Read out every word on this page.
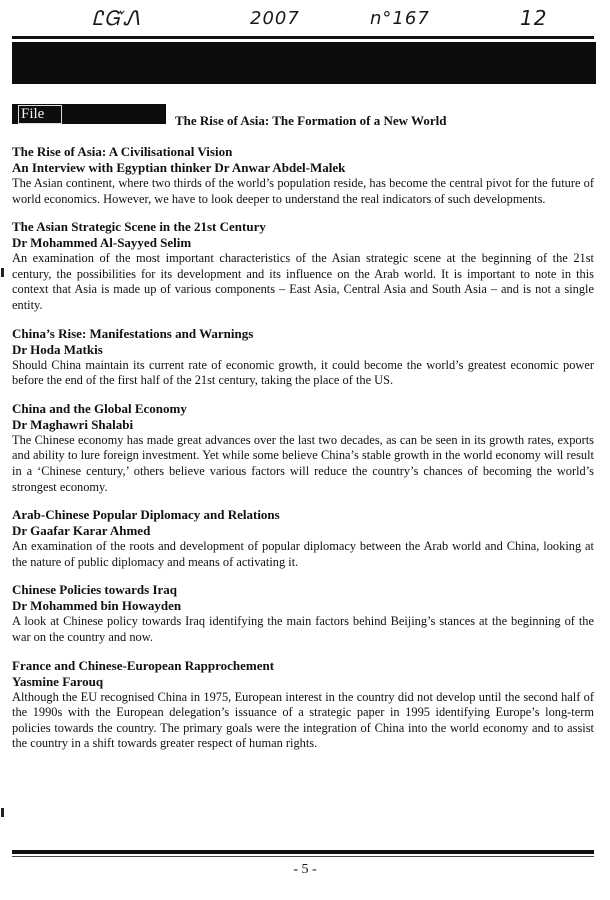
ᏝᏳᏁ	2007	n°167	12
File	The Rise of Asia: The Formation of a New World
The Rise of Asia: A Civilisational Vision
An Interview with Egyptian thinker Dr Anwar Abdel-Malek
The Asian continent, where two thirds of the world’s population reside, has become the central pivot for the future of world economics. However, we have to look deeper to understand the real indicators of such developments.
The Asian Strategic Scene in the 21st Century
Dr Mohammed Al-Sayyed Selim
An examination of the most important characteristics of the Asian strategic scene at the beginning of the 21st century, the possibilities for its development and its influence on the Arab world. It is important to note in this context that Asia is made up of various components – East Asia, Central Asia and South Asia – and is not a single entity.
China’s Rise: Manifestations and Warnings
Dr Hoda Matkis
Should China maintain its current rate of economic growth, it could become the world’s greatest economic power before the end of the first half of the 21st century, taking the place of the US.
China and the Global Economy
Dr Maghawri Shalabi
The Chinese economy has made great advances over the last two decades, as can be seen in its growth rates, exports and ability to lure foreign investment. Yet while some believe China’s stable growth in the world economy will result in a ‘Chinese century,’ others believe various factors will reduce the country’s chances of becoming the world’s strongest economy.
Arab-Chinese Popular Diplomacy and Relations
Dr Gaafar Karar Ahmed
An examination of the roots and development of popular diplomacy between the Arab world and China, looking at the nature of public diplomacy and means of activating it.
Chinese Policies towards Iraq
Dr Mohammed bin Howayden
A look at Chinese policy towards Iraq identifying the main factors behind Beijing’s stances at the beginning of the war on the country and now.
France and Chinese-European Rapprochement
Yasmine Farouq
Although the EU recognised China in 1975, European interest in the country did not develop until the second half of the 1990s with the European delegation’s issuance of a strategic paper in 1995 identifying Europe’s long-term policies towards the country. The primary goals were the integration of China into the world economy and to assist the country in a shift towards greater respect of human rights.
- 5 -
